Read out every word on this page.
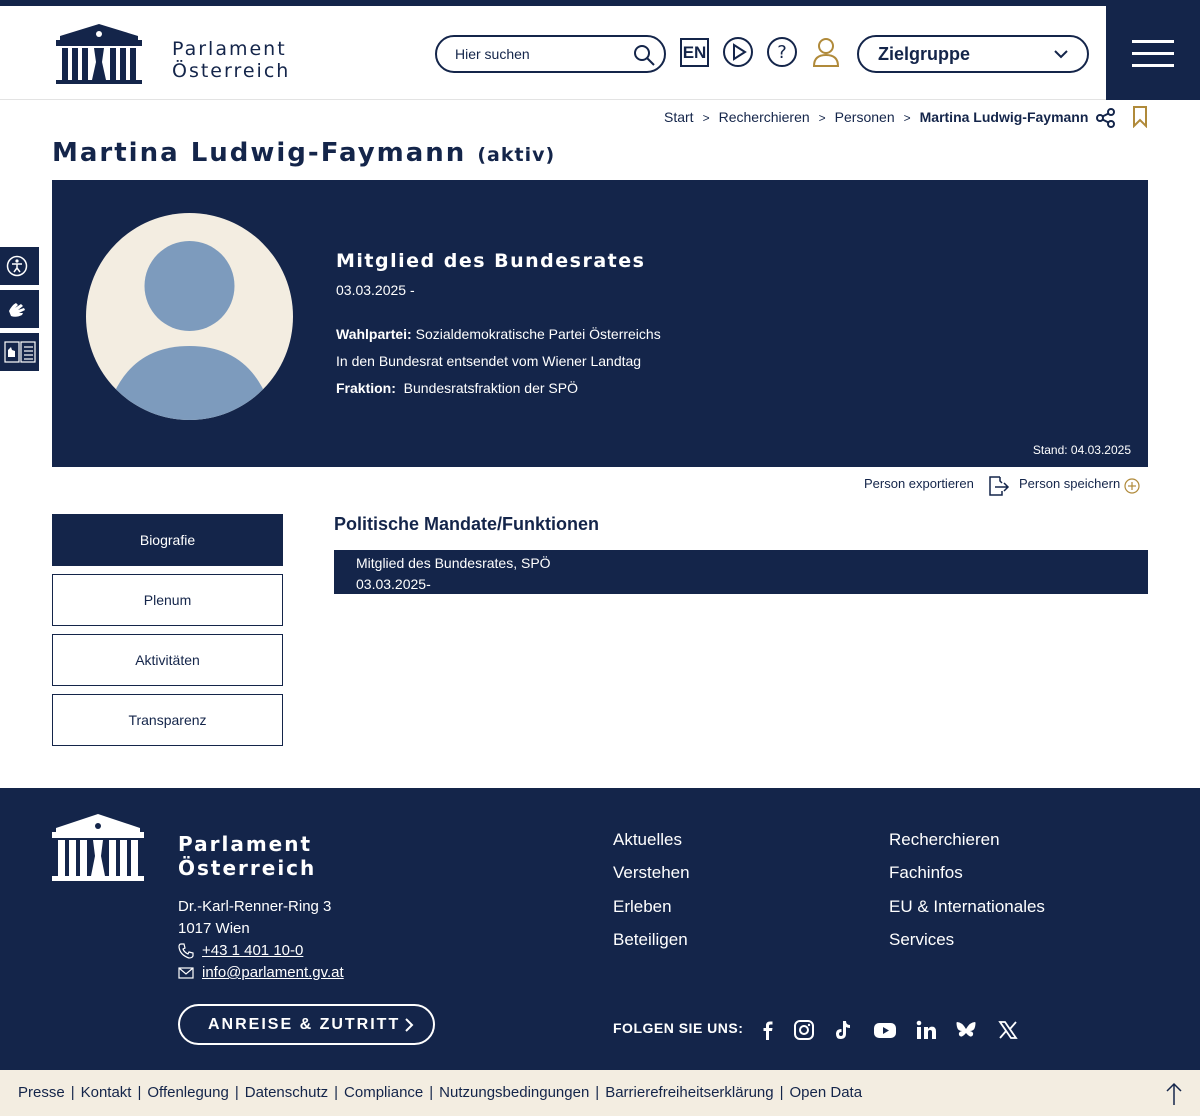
Parlament
Österreich
Hier suchen
EN	?	Zielgruppe
Start > Recherchieren > Personen > Martina Ludwig-Faymann
Martina Ludwig-Faymann (aktiv)
Mitglied des Bundesrates
03.03.2025 -
Wahlpartei: Sozialdemokratische Partei Österreichs
In den Bundesrat entsendet vom Wiener Landtag
Fraktion: Bundesratsfraktion der SPÖ
Stand: 04.03.2025
Person exportieren	Person speichern
Biografie
Plenum
Aktivitäten
Transparenz
Politische Mandate/Funktionen
Mitglied des Bundesrates, SPÖ
03.03.2025-
Parlament
Österreich
Dr.-Karl-Renner-Ring 3
1017 Wien
+43 1 401 10-0
info@parlament.gv.at
ANREISE & ZUTRITT
Aktuelles
Verstehen
Erleben
Beteiligen
Recherchieren
Fachinfos
EU & Internationales
Services
FOLGEN SIE UNS:
Presse | Kontakt | Offenlegung | Datenschutz | Compliance | Nutzungsbedingungen | Barrierefreiheitserklärung | Open Data
